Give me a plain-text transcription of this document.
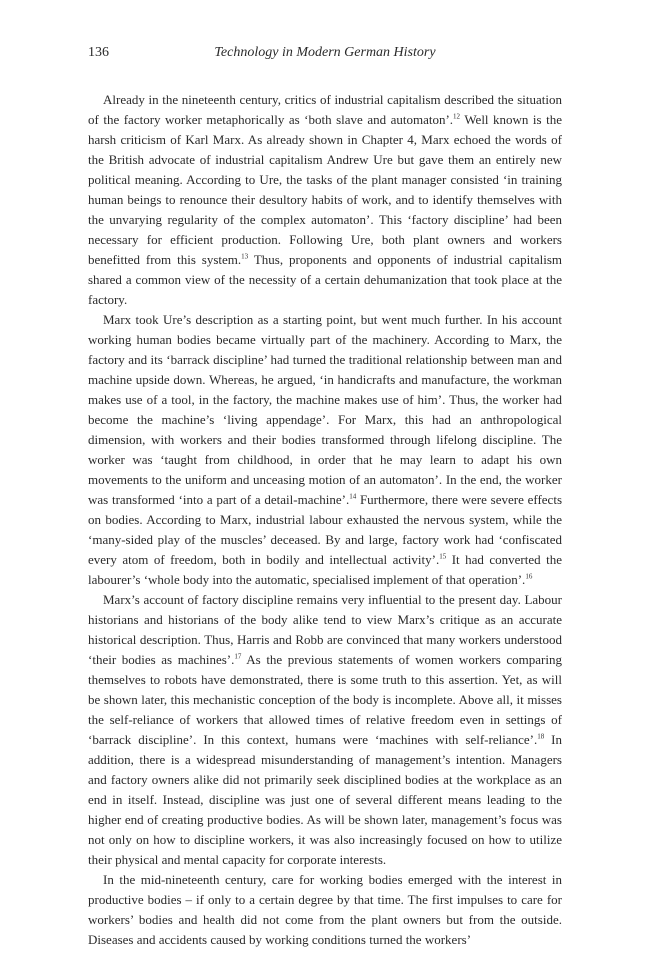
136	Technology in Modern German History

Already in the nineteenth century, critics of industrial capitalism described the situation of the factory worker metaphorically as ‘both slave and automaton’.$^{12}$ Well known is the harsh criticism of Karl Marx. As already shown in Chapter 4, Marx echoed the words of the British advocate of industrial capitalism Andrew Ure but gave them an entirely new political meaning. According to Ure, the tasks of the plant manager consisted ‘in training human beings to renounce their desultory habits of work, and to identify themselves with the unvarying regularity of the complex automaton’. This ‘factory discipline’ had been necessary for efficient production. Following Ure, both plant owners and workers benefitted from this system.$^{13}$ Thus, proponents and opponents of industrial capitalism shared a common view of the necessity of a certain dehumanization that took place at the factory.

Marx took Ure’s description as a starting point, but went much further. In his account working human bodies became virtually part of the machinery. According to Marx, the factory and its ‘barrack discipline’ had turned the traditional relationship between man and machine upside down. Whereas, he argued, ‘in handicrafts and manufacture, the workman makes use of a tool, in the factory, the machine makes use of him’. Thus, the worker had become the machine’s ‘living appendage’. For Marx, this had an anthropological dimension, with workers and their bodies transformed through lifelong discipline. The worker was ‘taught from childhood, in order that he may learn to adapt his own movements to the uniform and unceasing motion of an automaton’. In the end, the worker was transformed ‘into a part of a detail-machine’.$^{14}$ Furthermore, there were severe effects on bodies. According to Marx, industrial labour exhausted the nervous system, while the ‘many-sided play of the muscles’ deceased. By and large, factory work had ‘confiscated every atom of freedom, both in bodily and intellectual activity’.$^{15}$ It had converted the labourer’s ‘whole body into the automatic, specialised implement of that operation’.$^{16}$

Marx’s account of factory discipline remains very influential to the present day. Labour historians and historians of the body alike tend to view Marx’s critique as an accurate historical description. Thus, Harris and Robb are convinced that many workers understood ‘their bodies as machines’.$^{17}$ As the previous statements of women workers comparing themselves to robots have demonstrated, there is some truth to this assertion. Yet, as will be shown later, this mechanistic conception of the body is incomplete. Above all, it misses the self-reliance of workers that allowed times of relative freedom even in settings of ‘barrack discipline’. In this context, humans were ‘machines with self-reliance’.$^{18}$ In addition, there is a widespread misunderstanding of management’s intention. Managers and factory owners alike did not primarily seek disciplined bodies at the workplace as an end in itself. Instead, discipline was just one of several different means leading to the higher end of creating productive bodies. As will be shown later, management’s focus was not only on how to discipline workers, it was also increasingly focused on how to utilize their physical and mental capacity for corporate interests.

In the mid-nineteenth century, care for working bodies emerged with the interest in productive bodies – if only to a certain degree by that time. The first impulses to care for workers’ bodies and health did not come from the plant owners but from the outside. Diseases and accidents caused by working conditions turned the workers’
